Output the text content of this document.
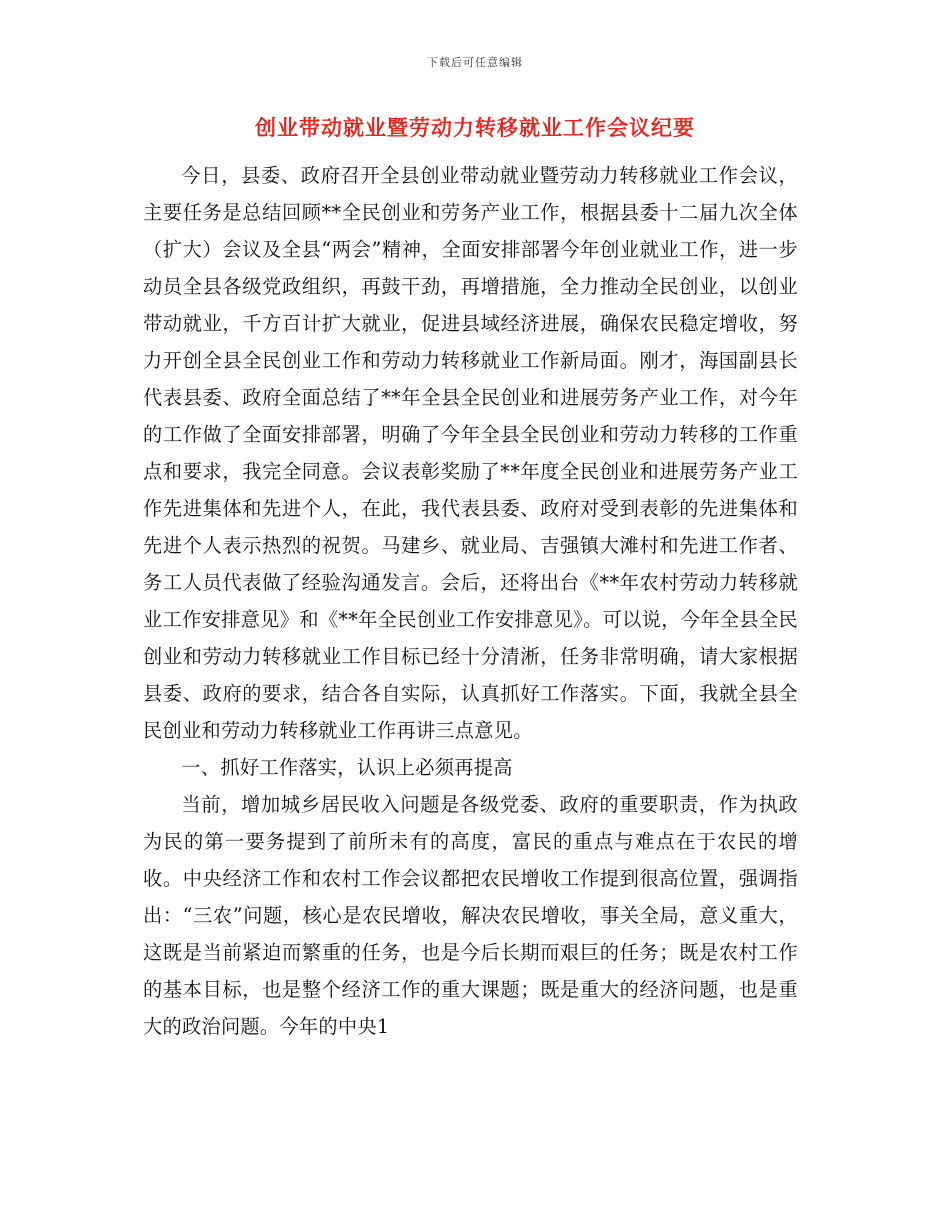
下载后可任意编辑
创业带动就业暨劳动力转移就业工作会议纪要

今日，县委、政府召开全县创业带动就业暨劳动力转移就业工作会议，主要任务是总结回顾**全民创业和劳务产业工作，根据县委十二届九次全体（扩大）会议及全县“两会”精神，全面安排部署今年创业就业工作，进一步动员全县各级党政组织，再鼓干劲，再增措施，全力推动全民创业，以创业带动就业，千方百计扩大就业，促进县域经济进展，确保农民稳定增收，努力开创全县全民创业工作和劳动力转移就业工作新局面。刚才，海国副县长代表县委、政府全面总结了**年全县全民创业和进展劳务产业工作，对今年的工作做了全面安排部署，明确了今年全县全民创业和劳动力转移的工作重点和要求，我完全同意。会议表彰奖励了**年度全民创业和进展劳务产业工作先进集体和先进个人，在此，我代表县委、政府对受到表彰的先进集体和先进个人表示热烈的祝贺。马建乡、就业局、吉强镇大滩村和先进工作者、务工人员代表做了经验沟通发言。会后，还将出台《**年农村劳动力转移就业工作安排意见》和《**年全民创业工作安排意见》。可以说，今年全县全民创业和劳动力转移就业工作目标已经十分清淅，任务非常明确，请大家根据县委、政府的要求，结合各自实际，认真抓好工作落实。下面，我就全县全民创业和劳动力转移就业工作再讲三点意见。

一、抓好工作落实，认识上必须再提高

当前，增加城乡居民收入问题是各级党委、政府的重要职责，作为执政为民的第一要务提到了前所未有的高度，富民的重点与难点在于农民的增收。中央经济工作和农村工作会议都把农民增收工作提到很高位置，强调指出：“三农”问题，核心是农民增收，解决农民增收，事关全局，意义重大，这既是当前紧迫而繁重的任务，也是今后长期而艰巨的任务；既是农村工作的基本目标，也是整个经济工作的重大课题；既是重大的经济问题，也是重大的政治问题。今年的中央1
